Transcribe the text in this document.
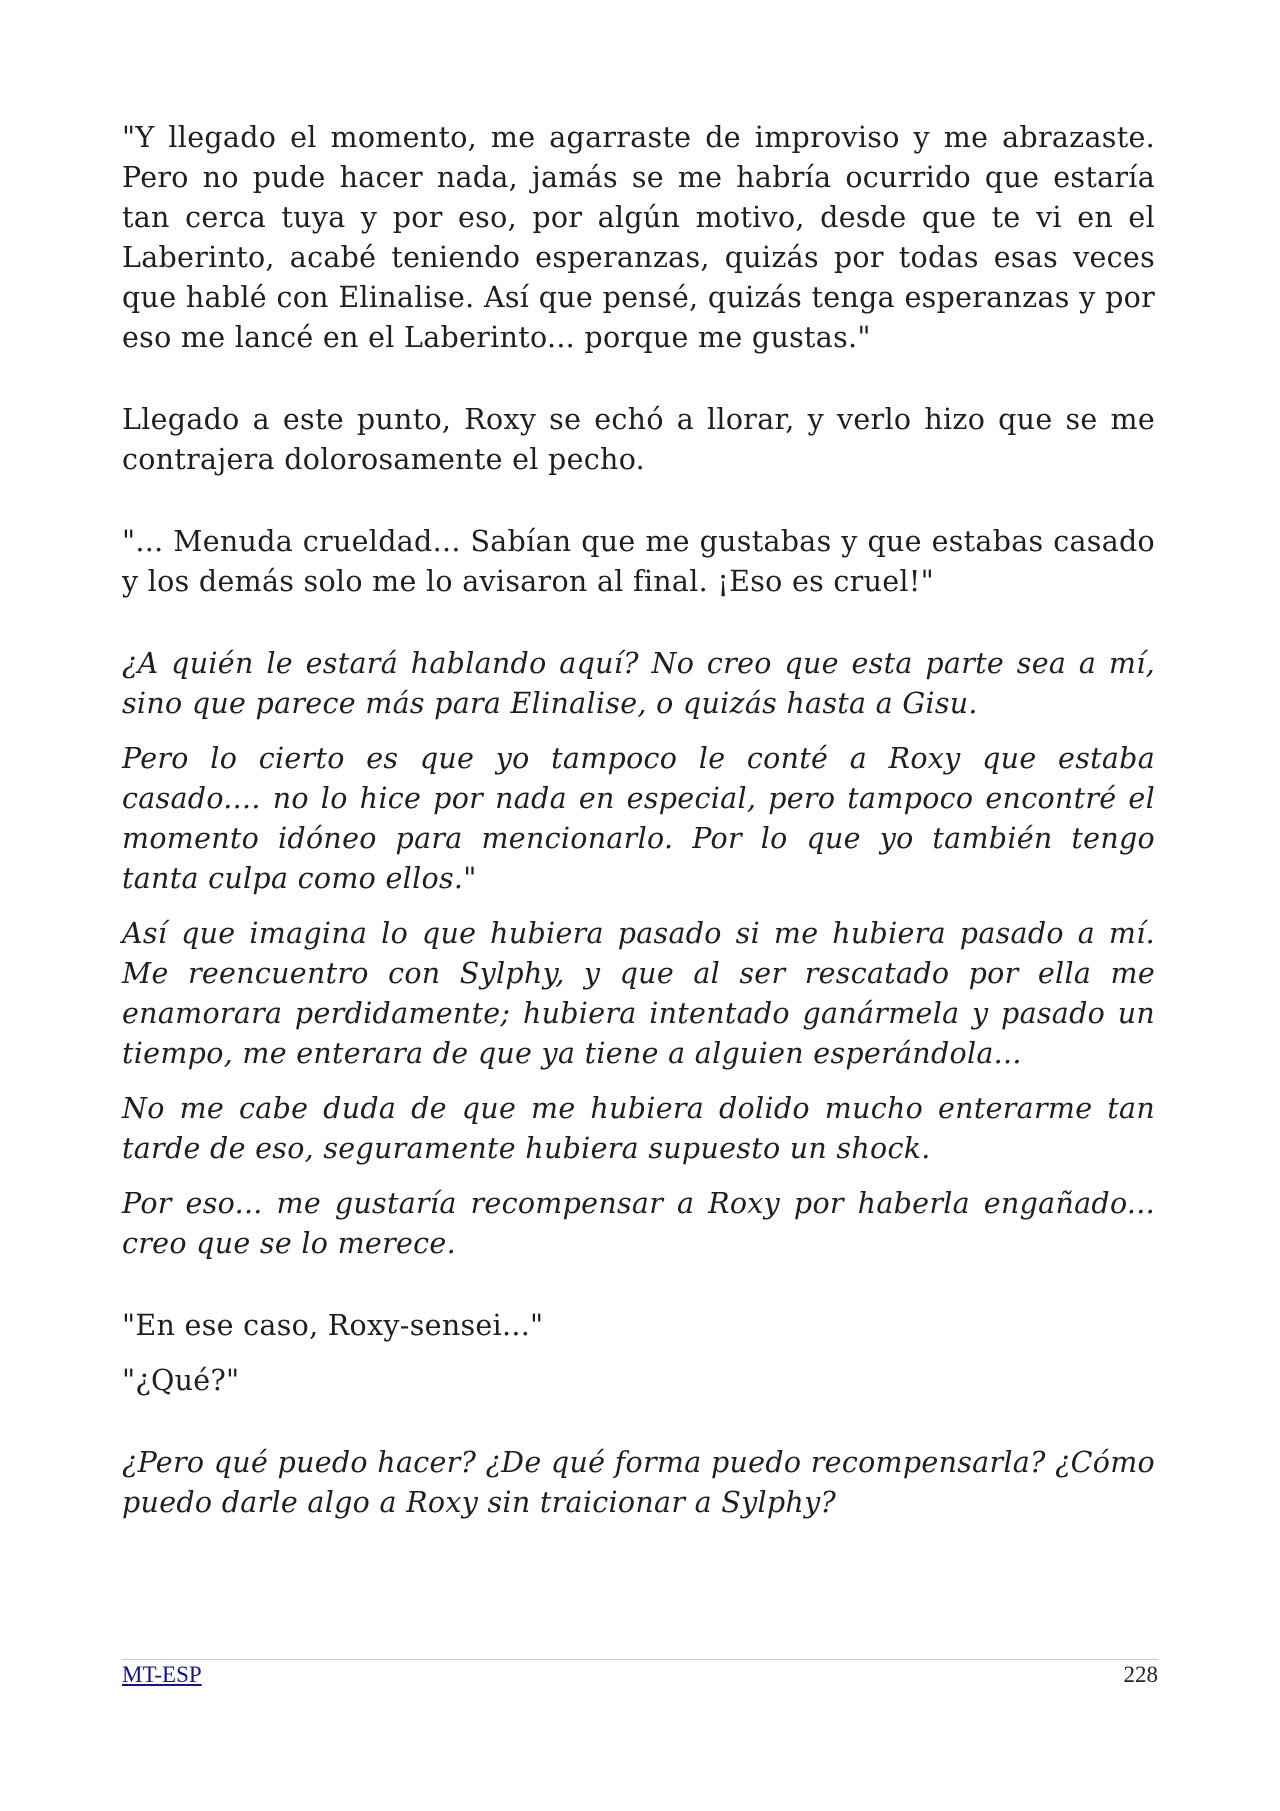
"Y llegado el momento, me agarraste de improviso y me abrazaste. Pero no pude hacer nada, jamás se me habría ocurrido que estaría tan cerca tuya y por eso, por algún motivo, desde que te vi en el Laberinto, acabé teniendo esperanzas, quizás por todas esas veces que hablé con Elinalise. Así que pensé, quizás tenga esperanzas y por eso me lancé en el Laberinto... porque me gustas."

Llegado a este punto, Roxy se echó a llorar, y verlo hizo que se me contrajera dolorosamente el pecho.

"... Menuda crueldad... Sabían que me gustabas y que estabas casado y los demás solo me lo avisaron al final. ¡Eso es cruel!"

¿A quién le estará hablando aquí? No creo que esta parte sea a mí, sino que parece más para Elinalise, o quizás hasta a Gisu.

Pero lo cierto es que yo tampoco le conté a Roxy que estaba casado.... no lo hice por nada en especial, pero tampoco encontré el momento idóneo para mencionarlo. Por lo que yo también tengo tanta culpa como ellos."

Así que imagina lo que hubiera pasado si me hubiera pasado a mí. Me reencuentro con Sylphy, y que al ser rescatado por ella me enamorara perdidamente; hubiera intentado ganármela y pasado un tiempo, me enterara de que ya tiene a alguien esperándola...

No me cabe duda de que me hubiera dolido mucho enterarme tan tarde de eso, seguramente hubiera supuesto un shock.

Por eso... me gustaría recompensar a Roxy por haberla engañado... creo que se lo merece.

"En ese caso, Roxy-sensei..."

"¿Qué?"

¿Pero qué puedo hacer? ¿De qué forma puedo recompensarla? ¿Cómo puedo darle algo a Roxy sin traicionar a Sylphy?

MT-ESP	228
